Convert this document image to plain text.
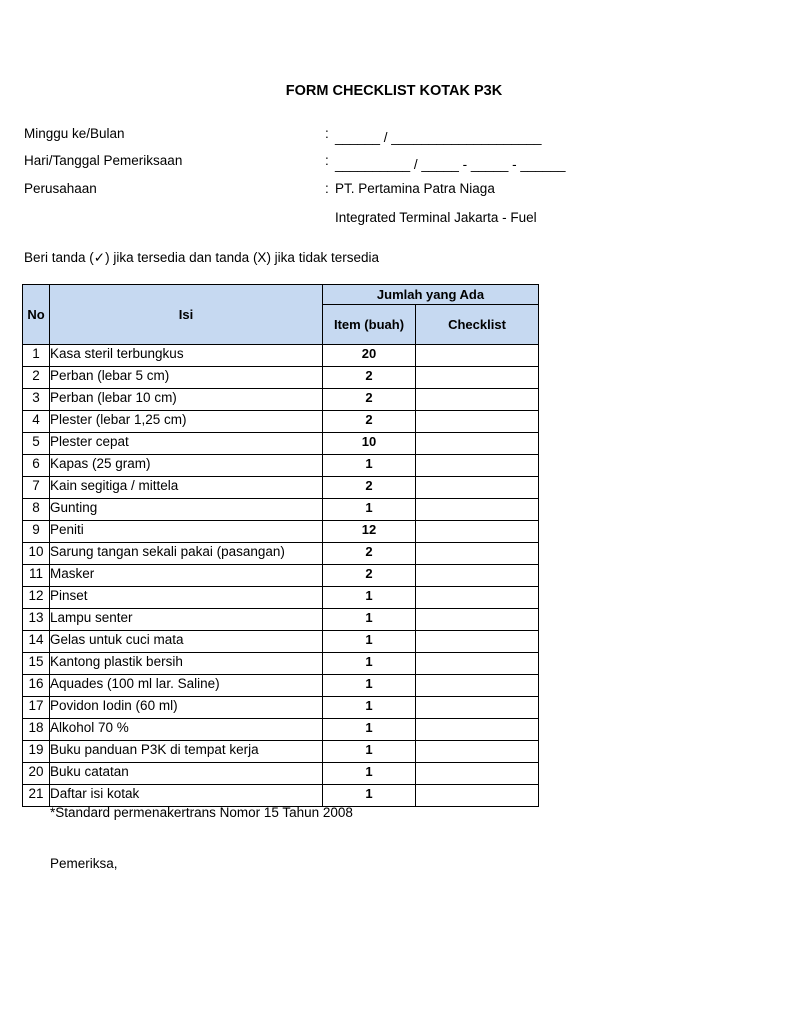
FORM CHECKLIST KOTAK P3K
Minggu ke/Bulan	: ______ / ____________________
Hari/Tanggal Pemeriksaan	: __________ / _____ - _____ - ______
Perusahaan	: PT. Pertamina Patra Niaga
Integrated Terminal Jakarta - Fuel
Beri tanda (✓) jika tersedia dan tanda (X) jika tidak tersedia
No	Isi	Jumlah yang Ada	
		Item (buah)	Checklist
1	Kasa steril terbungkus	20	
2	Perban (lebar 5 cm)	2	
3	Perban (lebar 10 cm)	2	
4	Plester (lebar 1,25 cm)	2	
5	Plester cepat	10	
6	Kapas (25 gram)	1	
7	Kain segitiga / mittela	2	
8	Gunting	1	
9	Peniti	12	
10	Sarung tangan sekali pakai (pasangan)	2	
11	Masker	2	
12	Pinset	1	
13	Lampu senter	1	
14	Gelas untuk cuci mata	1	
15	Kantong plastik bersih	1	
16	Aquades (100 ml lar. Saline)	1	
17	Povidon Iodin (60 ml)	1	
18	Alkohol 70 %	1	
19	Buku panduan P3K di tempat kerja	1	
20	Buku catatan	1	
21	Daftar isi kotak	1	
*Standard permenakertrans Nomor 15 Tahun 2008
Pemeriksa,
